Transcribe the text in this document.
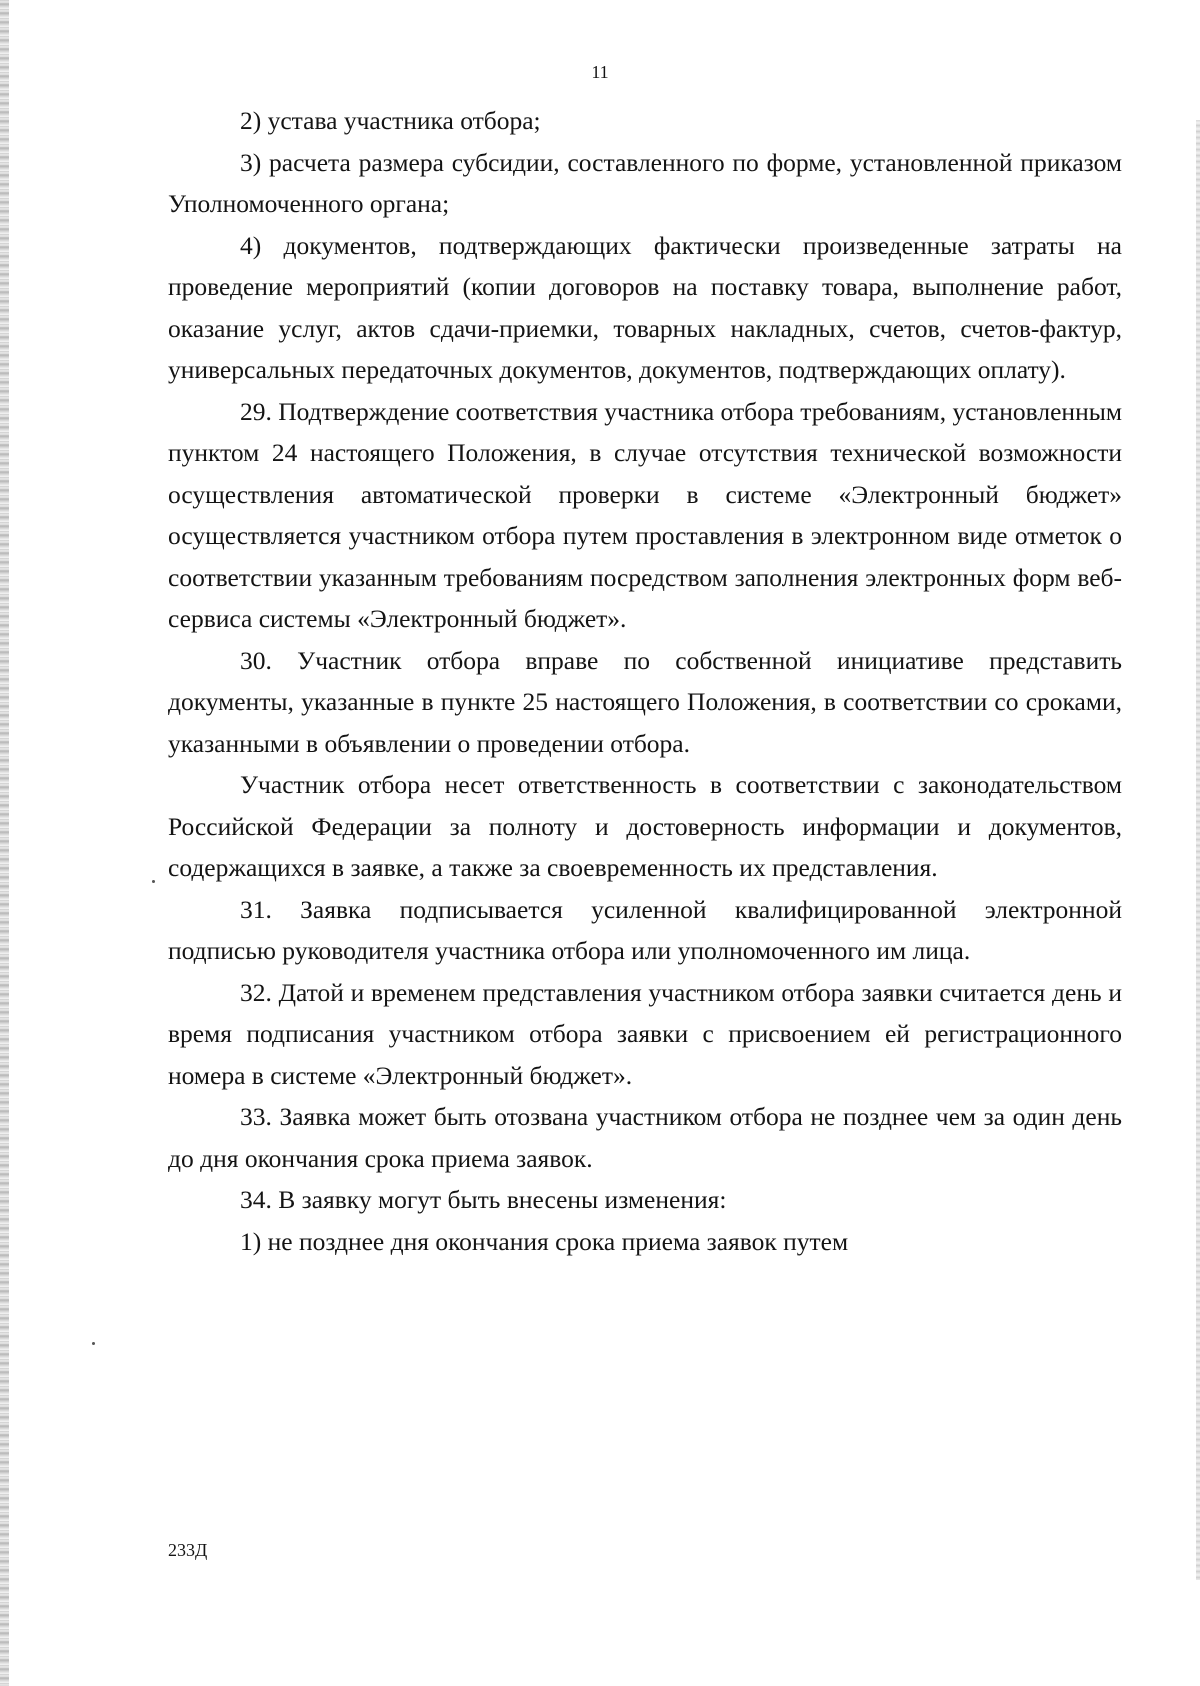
11

2) устава участника отбора;

3) расчета размера субсидии, составленного по форме, установленной приказом Уполномоченного органа;

4) документов, подтверждающих фактически произведенные затраты на проведение мероприятий (копии договоров на поставку товара, выполнение работ, оказание услуг, актов сдачи-приемки, товарных накладных, счетов, счетов-фактур, универсальных передаточных документов, документов, подтверждающих оплату).

29. Подтверждение соответствия участника отбора требованиям, установленным пунктом 24 настоящего Положения, в случае отсутствия технической возможности осуществления автоматической проверки в системе «Электронный бюджет» осуществляется участником отбора путем проставления в электронном виде отметок о соответствии указанным требованиям посредством заполнения электронных форм веб-сервиса системы «Электронный бюджет».

30. Участник отбора вправе по собственной инициативе представить документы, указанные в пункте 25 настоящего Положения, в соответствии со сроками, указанными в объявлении о проведении отбора.

Участник отбора несет ответственность в соответствии с законодательством Российской Федерации за полноту и достоверность информации и документов, содержащихся в заявке, а также за своевременность их представления.

31. Заявка подписывается усиленной квалифицированной электронной подписью руководителя участника отбора или уполномоченного им лица.

32. Датой и временем представления участником отбора заявки считается день и время подписания участником отбора заявки с присвоением ей регистрационного номера в системе «Электронный бюджет».

33. Заявка может быть отозвана участником отбора не позднее чем за один день до дня окончания срока приема заявок.

34. В заявку могут быть внесены изменения:

1) не позднее дня окончания срока приема заявок путем

233Д
